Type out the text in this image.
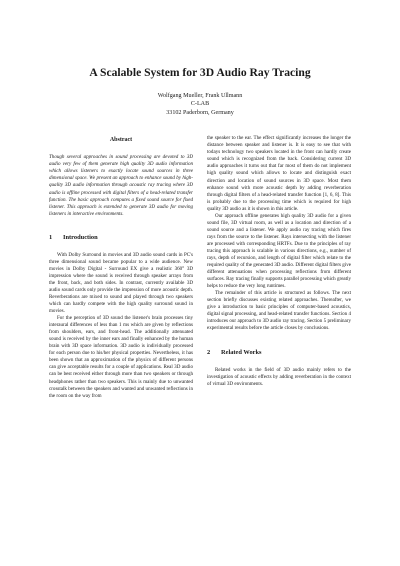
A Scalable System for 3D Audio Ray Tracing
Wolfgang Mueller, Frank Ullmann
C-LAB
33102 Paderborn, Germany
Abstract

Though several approaches in sound processing are devoted to 3D audio very few of them generate high quality 3D audio information which allows listeners to exactly locate sound sources in three dimensional space. We present an approach to enhance sound by high-quality 3D audio information through acoustic ray tracing where 3D audio is offline processed with digital filters of a head-related transfer function. The basic approach computes a fixed sound source for fixed listener. This approach is extended to generate 3D audio for moving listeners in interactive environments.

1 Introduction

With Dolby Surround in movies and 3D audio sound cards in PC's three dimensional sound became popular to a wide audience. New movies in Dolby Digital - Surround EX give a realistic 360° 3D impression where the sound is received through speaker arrays from the front, back, and both sides. In contrast, currently available 3D audio sound cards only provide the impression of more acoustic depth. Reverberations are mixed to sound and played through two speakers which can hardly compete with the high quality surround sound in movies.

For the perception of 3D sound the listener's brain processes tiny interaural differences of less than 1 ms which are given by reflections from shoulders, ears, and front-head. The additionally attenuated sound is received by the inner ears and finally enhanced by the human brain with 3D space information. 3D audio is individually processed for each person due to his/her physical properties. Nevertheless, it has been shown that an approximation of the physics of different persons can give acceptable results for a couple of applications. Real 3D audio can be best received either through more than two speakers or through headphones rather than two speakers. This is mainly due to unwanted crosstalk between the speakers and wanted and unwanted reflections in the room on the way from

the speaker to the ear. The effect significantly increases the longer the distance between speaker and listener is. It is easy to see that with todays technology two speakers located in the front can hardly create sound which is recognized from the back. Considering current 3D audio approaches it turns out that far most of them do not implement high quality sound which allows to locate and distinguish exact direction and location of sound sources in 3D space. Most them enhance sound with more acoustic depth by adding reverberation through digital filters of a head-related transfer function [1, 6, 8]. This is probably due to the processing time which is required for high quality 3D audio as it is shown in this article.

Our approach offline generates high quality 3D audio for a given sound file, 3D virtual room, as well as a location and direction of a sound source and a listener. We apply audio ray tracing which fires rays from the source to the listener. Rays intersecting with the listener are processed with corresponding HRTFs. Due to the principles of ray tracing this approach is scalable in various directions, e.g., number of rays, depth of recursion, and length of digital filter which relate to the required quality of the generated 3D audio. Different digital filters give different attenuations when processing reflections from different surfaces. Ray tracing finally supports parallel processing which greatly helps to reduce the very long runtimes.

The remainder of this article is structured as follows. The next section briefly discusses existing related approaches. Thereafter, we give a introduction to basic principles of computer-based acoustics, digital signal processing, and head-related transfer functions. Section 4 introduces our approach to 3D audio ray tracing. Section 5 preliminary experimental results before the article closes by conclusions.

2 Related Works

Related works in the field of 3D audio mainly refers to the investigation of acoustic effects by adding reverberation in the context of virtual 3D environments.
